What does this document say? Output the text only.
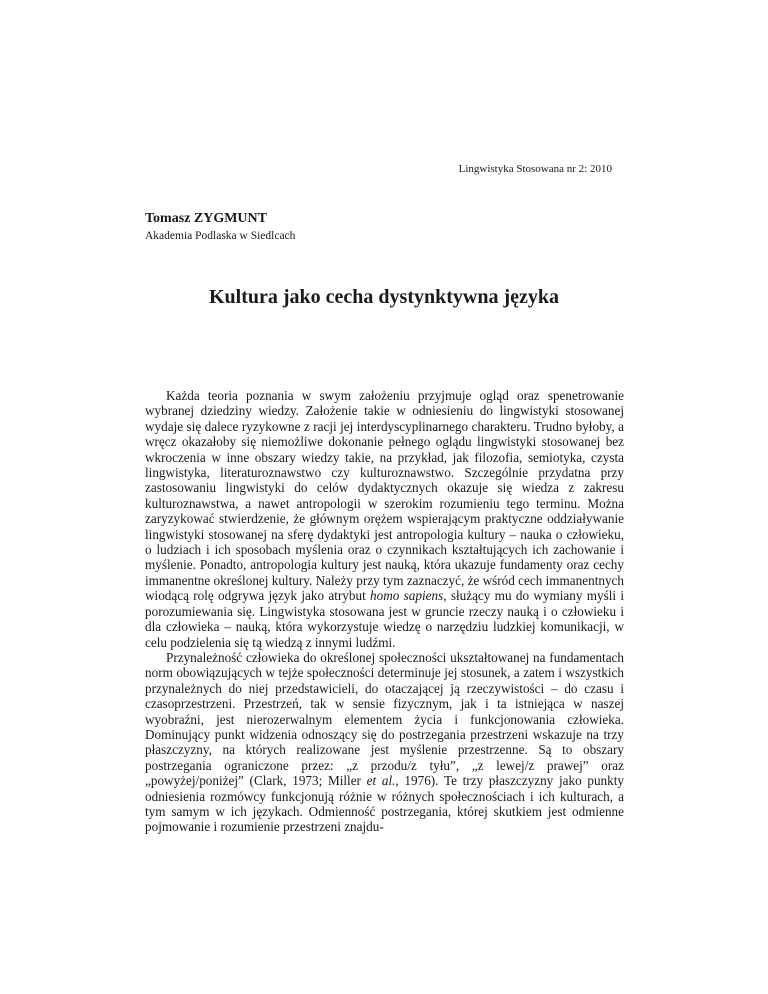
Lingwistyka Stosowana nr 2: 2010
Tomasz ZYGMUNT
Akademia Podlaska w Siedlcach
Kultura jako cecha dystynktywna języka

Każda teoria poznania w swym założeniu przyjmuje ogląd oraz spenetrowanie wybranej dziedziny wiedzy. Założenie takie w odniesieniu do lingwistyki stosowanej wydaje się dalece ryzykowne z racji jej interdyscyplinarnego charakteru. Trudno byłoby, a wręcz okazałoby się niemożliwe dokonanie pełnego oglądu lingwistyki stosowanej bez wkroczenia w inne obszary wiedzy takie, na przykład, jak filozofia, semiotyka, czysta lingwistyka, literaturoznawstwo czy kulturoznawstwo. Szczególnie przydatna przy zastosowaniu lingwistyki do celów dydaktycznych okazuje się wiedza z zakresu kulturoznawstwa, a nawet antropologii w szerokim rozumieniu tego terminu. Można zaryzykować stwierdzenie, że głównym orężem wspierającym praktyczne oddziaływanie lingwistyki stosowanej na sferę dydaktyki jest antropologia kultury – nauka o człowieku, o ludziach i ich sposobach myślenia oraz o czynnikach kształtujących ich zachowanie i myślenie. Ponadto, antropologia kultury jest nauką, która ukazuje fundamenty oraz cechy immanentne określonej kultury. Należy przy tym zaznaczyć, że wśród cech immanentnych wiodącą rolę odgrywa język jako atrybut homo sapiens, służący mu do wymiany myśli i porozumiewania się. Lingwistyka stosowana jest w gruncie rzeczy nauką i o człowieku i dla człowieka – nauką, która wykorzystuje wiedzę o narzędziu ludzkiej komunikacji, w celu podzielenia się tą wiedzą z innymi ludźmi.

Przynależność człowieka do określonej społeczności ukształtowanej na fundamentach norm obowiązujących w tejże społeczności determinuje jej stosunek, a zatem i wszystkich przynależnych do niej przedstawicieli, do otaczającej ją rzeczywistości – do czasu i czasoprzestrzeni. Przestrzeń, tak w sensie fizycznym, jak i ta istniejąca w naszej wyobraźni, jest nierozerwalnym elementem życia i funkcjonowania człowieka. Dominujący punkt widzenia odnoszący się do postrzegania przestrzeni wskazuje na trzy płaszczyzny, na których realizowane jest myślenie przestrzenne. Są to obszary postrzegania ograniczone przez: „z przodu/z tyłu”, „z lewej/z prawej” oraz „powyżej/poniżej” (Clark, 1973; Miller et al., 1976). Te trzy płaszczyzny jako punkty odniesienia rozmówcy funkcjonują różnie w różnych społecznościach i ich kulturach, a tym samym w ich językach. Odmienność postrzegania, której skutkiem jest odmienne pojmowanie i rozumienie przestrzeni znajdu-
